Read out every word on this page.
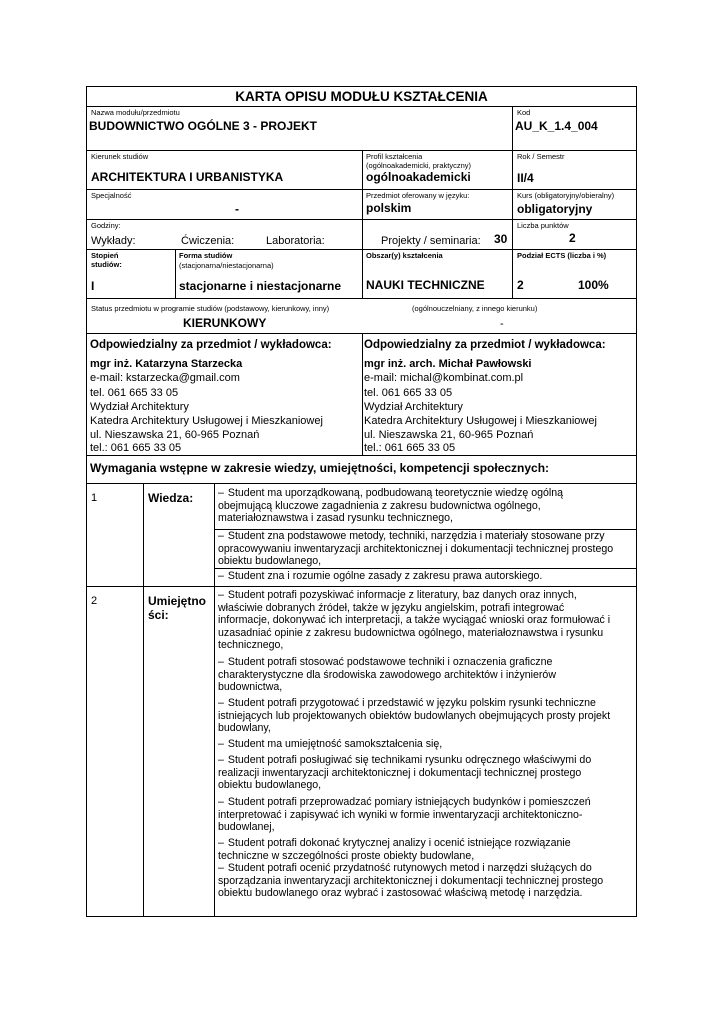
KARTA OPISU MODUŁU KSZTAŁCENIA
Nazwa modułu/przedmiotu
BUDOWNICTWO OGÓLNE 3 - PROJEKT
Kod
AU_K_1.4_004
Kierunek studiów
ARCHITEKTURA I URBANISTYKA
Profil kształcenia
(ogólnoakademicki, praktyczny)
ogólnoakademicki
Rok / Semestr
II/4
Specjalność
-
Przedmiot oferowany w języku:
polskim
Kurs (obligatoryjny/obieralny)
obligatoryjny
Godziny:
Wykłady:	Ćwiczenia:	Laboratoria:	Projekty / seminaria: 30
Liczba punktów
2
Stopień
studiów:
I
Forma studiów
(stacjonarna/niestacjonarna)
stacjonarne i niestacjonarne
Obszar(y) kształcenia
NAUKI TECHNICZNE
Podział ECTS (liczba i %)
2	100%
Status przedmiotu w programie studiów (podstawowy, kierunkowy, inny)	(ogólnouczelniany, z innego kierunku)
KIERUNKOWY	-
Odpowiedzialny za przedmiot / wykładowca:
mgr inż. Katarzyna Starzecka
e-mail: kstarzecka@gmail.com
tel. 061 665 33 05
Wydział Architektury
Katedra Architektury Usługowej i Mieszkaniowej
ul. Nieszawska 21, 60-965 Poznań
tel.: 061 665 33 05
Odpowiedzialny za przedmiot / wykładowca:
mgr inż. arch. Michał Pawłowski
e-mail: michal@kombinat.com.pl
tel. 061 665 33 05
Wydział Architektury
Katedra Architektury Usługowej i Mieszkaniowej
ul. Nieszawska 21, 60-965 Poznań
tel.: 061 665 33 05
Wymagania wstępne w zakresie wiedzy, umiejętności, kompetencji społecznych:
1	Wiedza: – Student ma uporządkowaną, podbudowaną teoretycznie wiedzę ogólną
obejmującą kluczowe zagadnienia z zakresu budownictwa ogólnego,
materiałoznawstwa i zasad rysunku technicznego,
– Student zna podstawowe metody, techniki, narzędzia i materiały stosowane przy
opracowywaniu inwentaryzacji architektonicznej i dokumentacji technicznej prostego
obiektu budowlanego,
– Student zna i rozumie ogólne zasady z zakresu prawa autorskiego.
2	Umiejętno
ści:
– Student potrafi pozyskiwać informacje z literatury, baz danych oraz innych,
właściwie dobranych źródeł, także w języku angielskim, potrafi integrować
informacje, dokonywać ich interpretacji, a także wyciągać wnioski oraz formułować i
uzasadniać opinie z zakresu budownictwa ogólnego, materiałoznawstwa i rysunku
technicznego,
– Student potrafi stosować podstawowe techniki i oznaczenia graficzne
charakterystyczne dla środowiska zawodowego architektów i inżynierów
budownictwa,
– Student potrafi przygotować i przedstawić w języku polskim rysunki techniczne
istniejących lub projektowanych obiektów budowlanych obejmujących prosty projekt
budowlany,
– Student ma umiejętność samokształcenia się,
– Student potrafi posługiwać się technikami rysunku odręcznego właściwymi do
realizacji inwentaryzacji architektonicznej i dokumentacji technicznej prostego
obiektu budowlanego,
– Student potrafi przeprowadzać pomiary istniejących budynków i pomieszczeń
interpretować i zapisywać ich wyniki w formie inwentaryzacji architektoniczno-
budowlanej,
– Student potrafi dokonać krytycznej analizy i ocenić istniejące rozwiązanie
techniczne w szczególności proste obiekty budowlane,
– Student potrafi ocenić przydatność rutynowych metod i narzędzi służących do
sporządzania inwentaryzacji architektonicznej i dokumentacji technicznej prostego
obiektu budowlanego oraz wybrać i zastosować właściwą metodę i narzędzia.
